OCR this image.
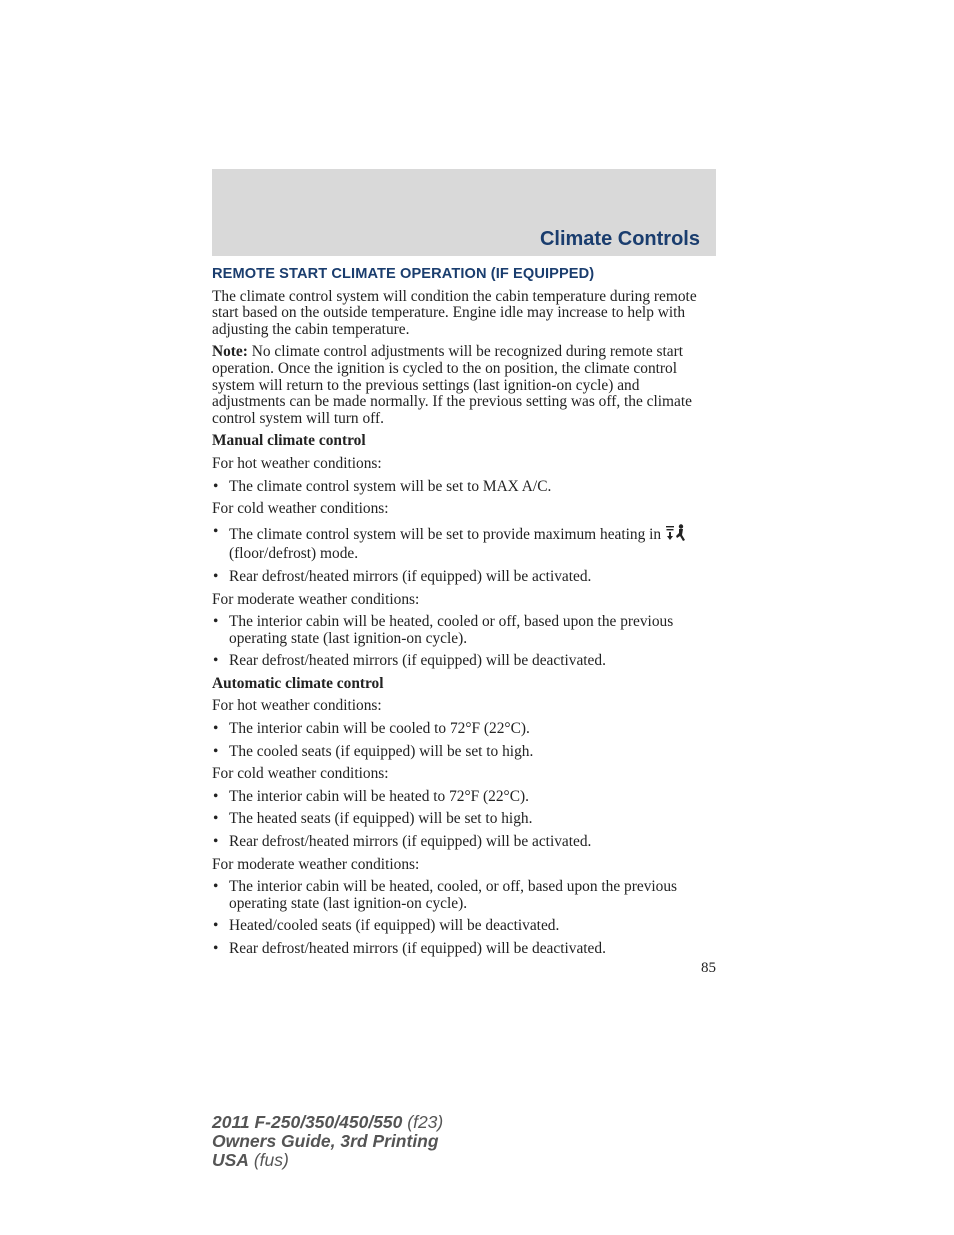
Climate Controls
REMOTE START CLIMATE OPERATION (IF EQUIPPED)

The climate control system will condition the cabin temperature during remote start based on the outside temperature. Engine idle may increase to help with adjusting the cabin temperature.

Note: No climate control adjustments will be recognized during remote start operation. Once the ignition is cycled to the on position, the climate control system will return to the previous settings (last ignition-on cycle) and adjustments can be made normally. If the previous setting was off, the climate control system will turn off.

Manual climate control

For hot weather conditions:

• The climate control system will be set to MAX A/C.

For cold weather conditions:

• The climate control system will be set to provide maximum heating in(floor/defrost) mode.
• Rear defrost/heated mirrors (if equipped) will be activated.

For moderate weather conditions:

• The interior cabin will be heated, cooled or off, based upon the previous operating state (last ignition-on cycle).
• Rear defrost/heated mirrors (if equipped) will be deactivated.

Automatic climate control

For hot weather conditions:

• The interior cabin will be cooled to 72°F (22°C).
• The cooled seats (if equipped) will be set to high.

For cold weather conditions:

• The interior cabin will be heated to 72°F (22°C).
• The heated seats (if equipped) will be set to high.
• Rear defrost/heated mirrors (if equipped) will be activated.

For moderate weather conditions:

• The interior cabin will be heated, cooled, or off, based upon the previous operating state (last ignition-on cycle).
• Heated/cooled seats (if equipped) will be deactivated.
• Rear defrost/heated mirrors (if equipped) will be deactivated.
85
2011 F-250/350/450/550 (f23)
Owners Guide, 3rd Printing
USA (fus)
